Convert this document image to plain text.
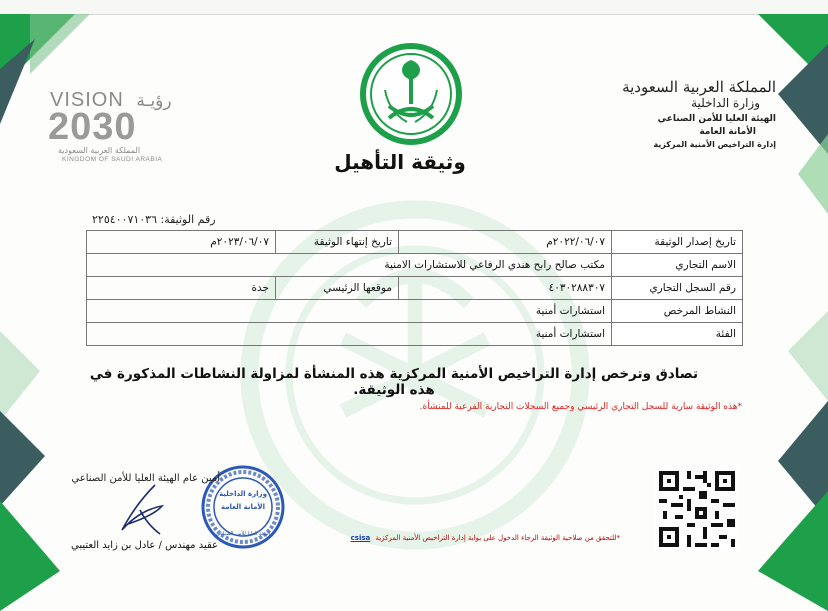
المملكة العربية السعودية
وزارة الداخلية
الهيئة العليا للأمن الصناعي
الأمانة العامة
إدارة التراخيص الأمنية المركزية
وثيقة التأهيل
VISION رؤيـة
2030
المملكة العربية السعودية
KINGDOM OF SAUDI ARABIA
رقم الوثيقة: ٢٢٥٤٠٠٧١٠٣٦
تاريخ إصدار الوثيقة	٢٠٢٢/٠٦/٠٧م	تاريخ إنتهاء الوثيقة	٢٠٢٣/٠٦/٠٧م
الاسم التجاري	مكتب صالح رابح هندي الرفاعي للاستشارات الامنية		
رقم السجل التجاري	٤٠٣٠٢٨٨٣٠٧	موقعها الرئيسي	جدة
النشاط المرخص	استشارات أمنية		
الفئة	استشارات أمنية		
تصادق وترخص إدارة التراخيص الأمنية المركزية هذه المنشأة لمزاولة النشاطات المذكورة في هذه الوثيقة.
*هذه الوثيقة سارية للسجل التجاري الرئيسي وجميع السجلات التجارية الفرعية للمنشأة.
*للتحقق من صلاحية الوثيقة الرجاء الدخول على بوابة إدارة التراخيص الأمنية المركزية csisa
وزارة الداخلية
الأمانة العامة
الهيئة العليا للأمن الصناعي
أمين عام الهيئة العليا للأمن الصناعي
عقيد مهندس / عادل بن زايد العتيبي
